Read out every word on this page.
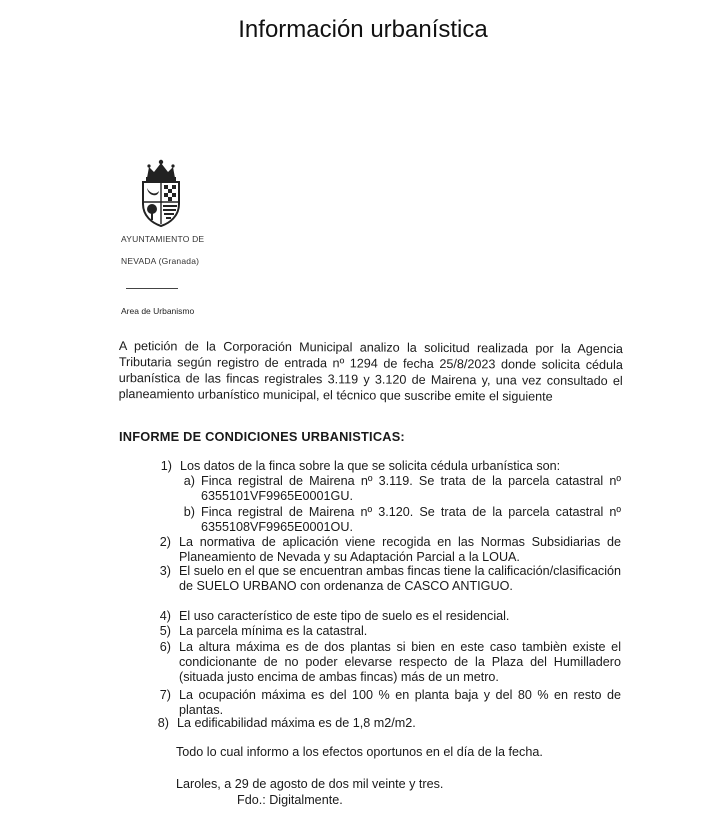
Información urbanística
AYUNTAMIENTO DE
NEVADA (Granada)
Area de Urbanismo
A petición de la Corporación Municipal analizo la solicitud realizada por la Agencia Tributaria según registro de entrada nº 1294 de fecha 25/8/2023 donde solicita cédula urbanística de las fincas registrales 3.119 y 3.120 de Mairena y, una vez consultado el planeamiento urbanístico municipal, el técnico que suscribe emite el siguiente
INFORME DE CONDICIONES URBANISTICAS:
1) Los datos de la finca sobre la que se solicita cédula urbanística son:
a) Finca registral de Mairena nº 3.119. Se trata de la parcela catastral nº 6355101VF9965E0001GU.
b) Finca registral de Mairena nº 3.120. Se trata de la parcela catastral nº 6355108VF9965E0001OU.
2) La normativa de aplicación viene recogida en las Normas Subsidiarias de Planeamiento de Nevada y su Adaptación Parcial a la LOUA.
3) El suelo en el que se encuentran ambas fincas tiene la calificación/clasificación de SUELO URBANO con ordenanza de CASCO ANTIGUO.
4) El uso característico de este tipo de suelo es el residencial.
5) La parcela mínima es la catastral.
6) La altura máxima es de dos plantas si bien en este caso tambièn existe el condicionante de no poder elevarse respecto de la Plaza del Humilladero (situada justo encima de ambas fincas) más de un metro.
7) La ocupación máxima es del 100 % en planta baja y del 80 % en resto de plantas.
8) La edificabilidad máxima es de 1,8 m2/m2.
Todo lo cual informo a los efectos oportunos en el día de la fecha.
Laroles, a 29 de agosto de dos mil veinte y tres.
Fdo.: Digitalmente.
